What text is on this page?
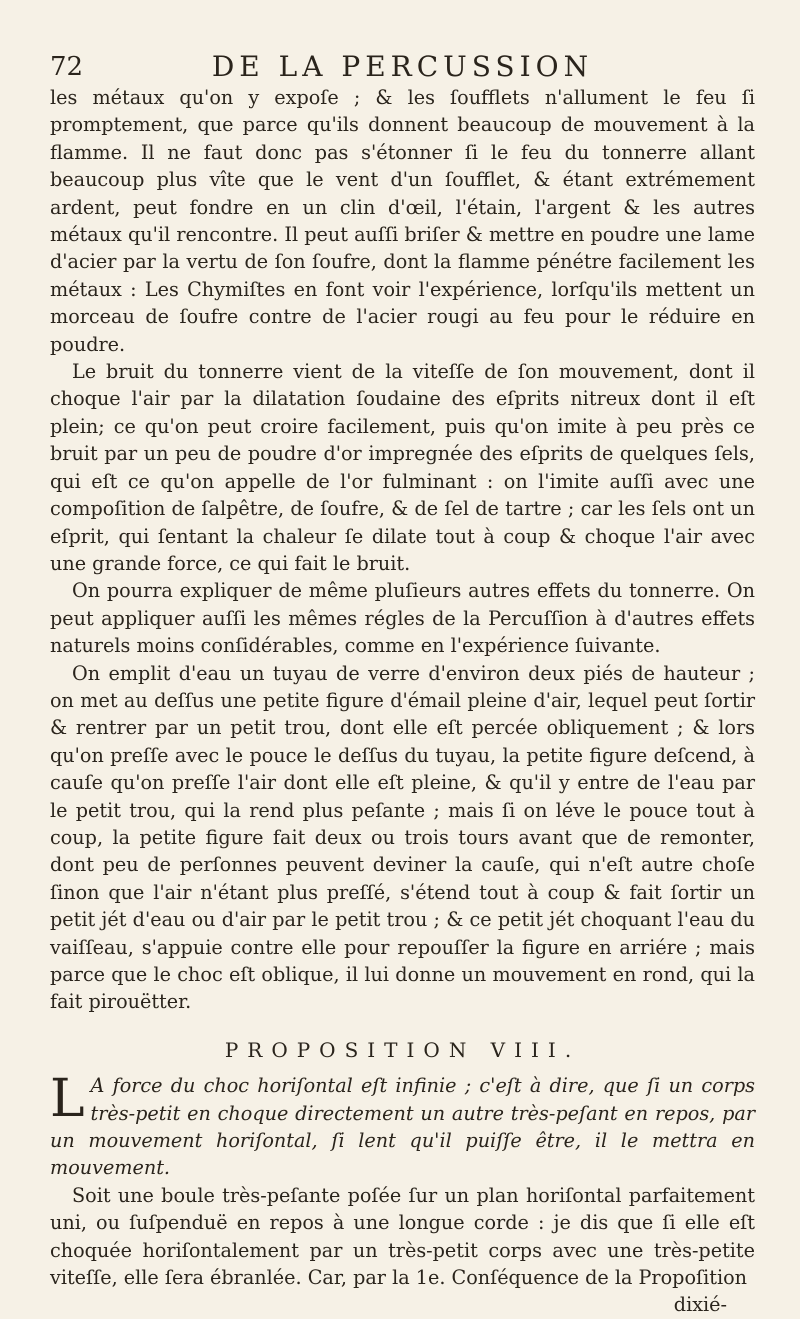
72	DE LA PERCUSSION

les métaux qu'on y expoſe ; & les ſoufflets n'allument le feu ſi promptement, que parce qu'ils donnent beaucoup de mouvement à la flamme. Il ne faut donc pas s'étonner ſi le feu du tonnerre allant beaucoup plus vîte que le vent d'un ſoufflet, & étant extrémement ardent, peut fondre en un clin d'œil, l'étain, l'argent & les autres métaux qu'il rencontre. Il peut auſſi briſer & mettre en poudre une lame d'acier par la vertu de ſon ſoufre, dont la flamme pénétre facilement les métaux : Les Chymiſtes en font voir l'expérience, lorſqu'ils mettent un morceau de ſoufre contre de l'acier rougi au feu pour le réduire en poudre.

Le bruit du tonnerre vient de la viteſſe de ſon mouvement, dont il choque l'air par la dilatation ſoudaine des eſprits nitreux dont il eſt plein; ce qu'on peut croire facilement, puis qu'on imite à peu près ce bruit par un peu de poudre d'or impregnée des eſprits de quelques ſels, qui eſt ce qu'on appelle de l'or fulminant : on l'imite auſſi avec une compoſition de ſalpêtre, de ſoufre, & de ſel de tartre ; car les ſels ont un eſprit, qui ſentant la chaleur ſe dilate tout à coup & choque l'air avec une grande force, ce qui fait le bruit.

On pourra expliquer de même pluſieurs autres effets du tonnerre. On peut appliquer auſſi les mêmes régles de la Percuſſion à d'autres effets naturels moins conſidérables, comme en l'expérience ſuivante.

On emplit d'eau un tuyau de verre d'environ deux piés de hauteur ; on met au deſſus une petite figure d'émail pleine d'air, lequel peut ſortir & rentrer par un petit trou, dont elle eſt percée obliquement ; & lors qu'on preſſe avec le pouce le deſſus du tuyau, la petite figure deſcend, à cauſe qu'on preſſe l'air dont elle eſt pleine, & qu'il y entre de l'eau par le petit trou, qui la rend plus peſante ; mais ſi on léve le pouce tout à coup, la petite figure fait deux ou trois tours avant que de remonter, dont peu de perſonnes peuvent deviner la cauſe, qui n'eſt autre choſe ſinon que l'air n'étant plus preſſé, s'étend tout à coup & fait ſortir un petit jét d'eau ou d'air par le petit trou ; & ce petit jét choquant l'eau du vaiſſeau, s'appuie contre elle pour repouſſer la figure en arriére ; mais parce que le choc eſt oblique, il lui donne un mouvement en rond, qui la fait pirouëtter.

PROPOSITION VIII.

L A force du choc horiſontal eſt infinie ; c'eſt à dire, que ſi un corps très-petit en choque directement un autre très-peſant en repos, par un mouvement horiſontal, ſi lent qu'il puiſſe être, il le mettra en mouvement.

Soit une boule très-peſante poſée ſur un plan horiſontal parfaitement uni, ou ſuſpenduë en repos à une longue corde : je dis que ſi elle eſt choquée horiſontalement par un très-petit corps avec une très-petite viteſſe, elle ſera ébranlée. Car, par la 1e. Conſéquence de la Propoſition

dixié-
